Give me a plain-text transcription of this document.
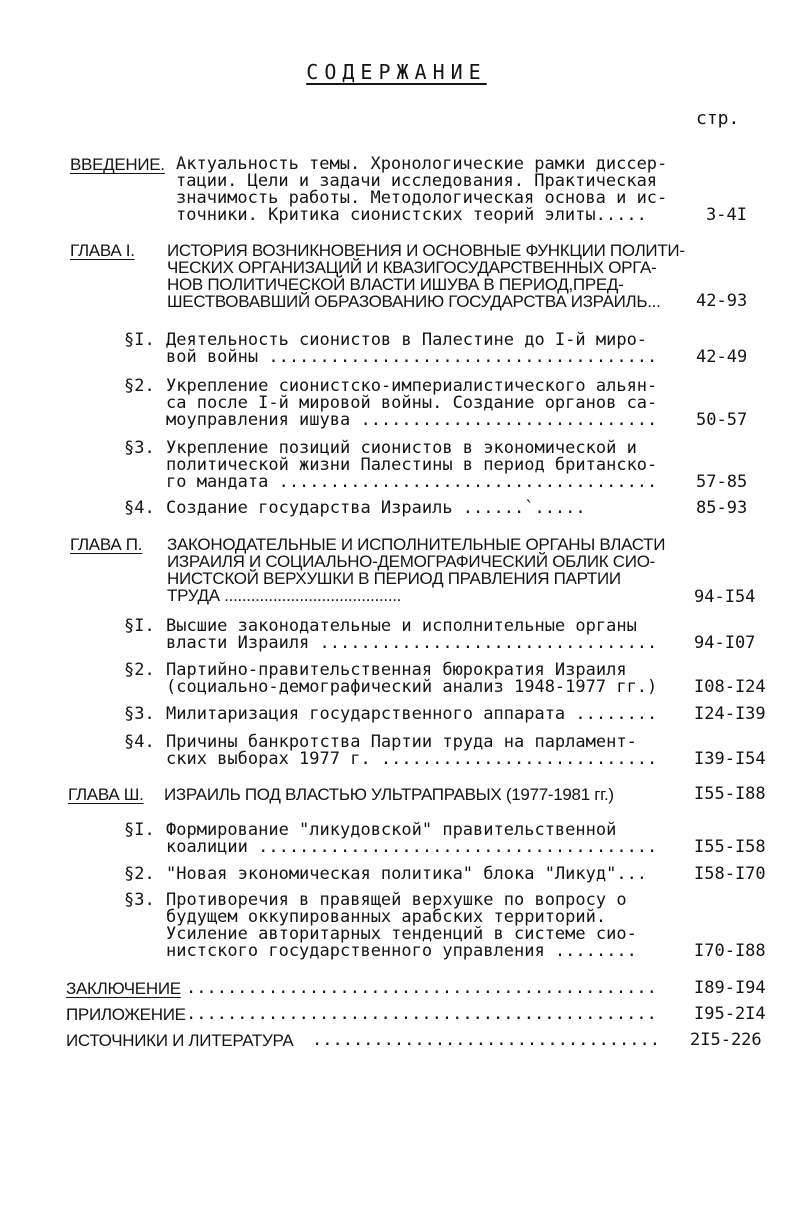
СОДЕРЖАНИЕ
стр.
ВВЕДЕНИЕ. Актуальность темы. Хронологические рамки диссер-
тации. Цели и задачи исследования. Практическая
значимость работы. Методологическая основа и ис-
точники. Критика сионистских теорий элиты.....	3-4I
ГЛАВА I. ИСТОРИЯ ВОЗНИКНОВЕНИЯ И ОСНОВНЫЕ ФУНКЦИИ ПОЛИТИ-
ЧЕСКИХ ОРГАНИЗАЦИЙ И КВАЗИГОСУДАРСТВЕННЫХ ОРГА-
НОВ ПОЛИТИЧЕСКОЙ ВЛАСТИ ИШУВА В ПЕРИОД,ПРЕД-
ШЕСТВОВАВШИЙ ОБРАЗОВАНИЮ ГОСУДАРСТВА ИЗРАИЛЬ...	42-93
§I. Деятельность сионистов в Палестине до I-й миро-
вой войны ...................................... 42-49
§2. Укрепление сионистско-империалистического альян-
са после I-й мировой войны. Создание органов са-
моуправления ишува ............................. 50-57
§3. Укрепление позиций сионистов в экономической и
политической жизни Палестины в период британско-
го мандата ..................................... 57-85
§4. Создание государства Израиль ......`.....	85-93
ГЛАВА П. ЗАКОНОДАТЕЛЬНЫЕ И ИСПОЛНИТЕЛЬНЫЕ ОРГАНЫ ВЛАСТИ
ИЗРАИЛЯ И СОЦИАЛЬНО-ДЕМОГРАФИЧЕСКИЙ ОБЛИК СИО-
НИСТСКОЙ ВЕРХУШКИ В ПЕРИОД ПРАВЛЕНИЯ ПАРТИИ
ТРУДА ........................................	94-I54
§I. Высшие законодательные и исполнительные органы
власти Израиля ................................. 94-I07
§2. Партийно-правительственная бюрократия Израиля
(социально-демографический анализ 1948-1977 гг.) I08-I24
§3. Милитаризация государственного аппарата ........ I24-I39
§4. Причины банкротства Партии труда на парламент-
ских выборах 1977 г. ........................... I39-I54
ГЛАВА Ш. ИЗРАИЛЬ ПОД ВЛАСТЬЮ УЛЬТРАПРАВЫХ (1977-1981 гг.)	I55-I88
§I. Формирование "ликудовской" правительственной
коалиции ....................................... I55-I58
§2. "Новая экономическая политика" блока "Ликуд"...	I58-I70
§3. Противоречия в правящей верхушке по вопросу о
будущем оккупированных арабских территорий.
Усиление авторитарных тенденций в системе сио-
нистского государственного управления ........	I70-I88
ЗАКЛЮЧЕНИЕ .............................................. I89-I94
ПРИЛОЖЕНИЕ .............................................. I95-2I4
ИСТОЧНИКИ И ЛИТЕРАТУРА .................................. 2I5-226
